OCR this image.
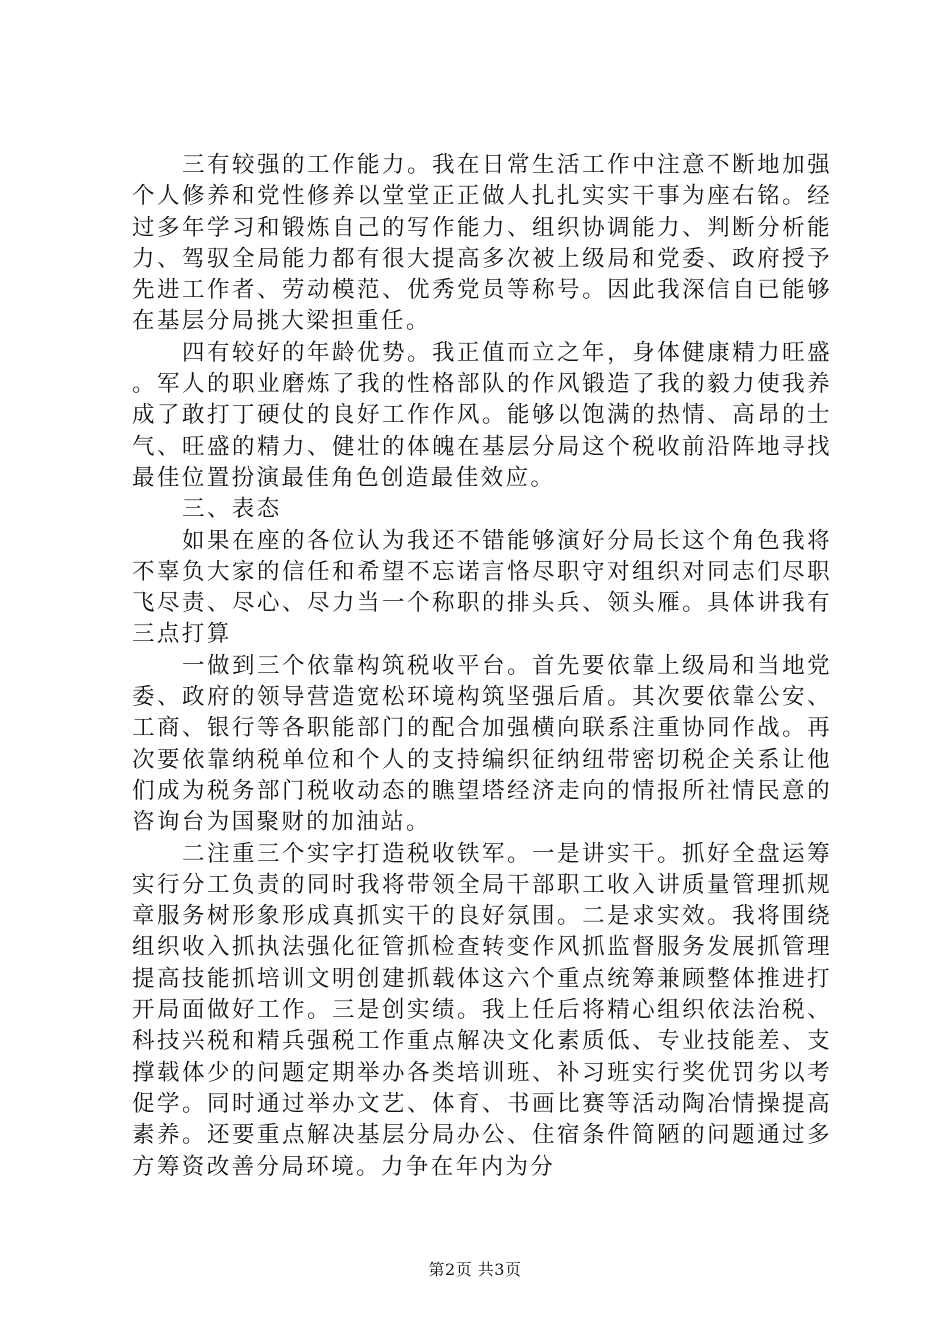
三有较强的工作能力。我在日常生活工作中注意不断地加强个人修养和党性修养以堂堂正正做人扎扎实实干事为座右铭。经过多年学习和锻炼自己的写作能力、组织协调能力、判断分析能力、驾驭全局能力都有很大提高多次被上级局和党委、政府授予先进工作者、劳动模范、优秀党员等称号。因此我深信自已能够在基层分局挑大梁担重任。

四有较好的年龄优势。我正值而立之年，身体健康精力旺盛。军人的职业磨炼了我的性格部队的作风锻造了我的毅力使我养成了敢打丁硬仗的良好工作作风。能够以饱满的热情、高昂的士气、旺盛的精力、健壮的体魄在基层分局这个税收前沿阵地寻找最佳位置扮演最佳角色创造最佳效应。

三、表态

如果在座的各位认为我还不错能够演好分局长这个角色我将不辜负大家的信任和希望不忘诺言恪尽职守对组织对同志们尽职飞尽责、尽心、尽力当一个称职的排头兵、领头雁。具体讲我有三点打算

一做到三个依靠构筑税收平台。首先要依靠上级局和当地党委、政府的领导营造宽松环境构筑坚强后盾。其次要依靠公安、工商、银行等各职能部门的配合加强横向联系注重协同作战。再次要依靠纳税单位和个人的支持编织征纳纽带密切税企关系让他们成为税务部门税收动态的瞧望塔经济走向的情报所社情民意的咨询台为国聚财的加油站。

二注重三个实字打造税收铁军。一是讲实干。抓好全盘运筹实行分工负责的同时我将带领全局干部职工收入讲质量管理抓规章服务树形象形成真抓实干的良好氛围。二是求实效。我将围绕组织收入抓执法强化征管抓检查转变作风抓监督服务发展抓管理提高技能抓培训文明创建抓载体这六个重点统筹兼顾整体推进打开局面做好工作。三是创实绩。我上任后将精心组织依法治税、科技兴税和精兵强税工作重点解决文化素质低、专业技能差、支撑载体少的问题定期举办各类培训班、补习班实行奖优罚劣以考促学。同时通过举办文艺、体育、书画比赛等活动陶冶情操提高素养。还要重点解决基层分局办公、住宿条件简陋的问题通过多方筹资改善分局环境。力争在年内为分

第2页 共3页
